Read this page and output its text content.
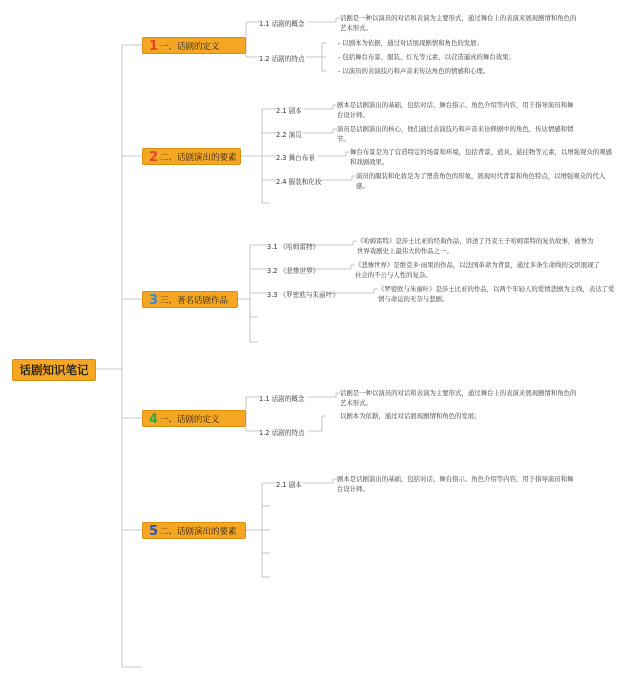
话剧知识笔记
1 一、话剧的定义
1.1 话剧的概念
话剧是一种以演员的对话和表演为主要形式，通过舞台上的表演来展现剧情和角色的艺术形式。
1.2 话剧的特点
- 以剧本为依据，通过对话展现剧情和角色的发展；
- 包括舞台布景、服装、灯光等元素，以营造逼真的舞台效果；
- 以演员的表演技巧和声音来传达角色的情感和心理。
2 二、话剧演出的要素
2.1 剧本
剧本是话剧演出的基础，包括对话、舞台指示、角色介绍等内容，用于指导演员和舞台设计师。
2.2 演员
演员是话剧演出的核心，他们通过表演技巧和声音来诠释剧中的角色，传达情感和情节。
2.3 舞台布景
舞台布景是为了营造特定的场景和环境，包括背景、道具、悬挂物等元素，以增强观众的观感和戏剧效果。
2.4 服装和化妆
演员的服装和化妆是为了塑造角色的形象，展现时代背景和角色特点，以增强观众的代入感。
3 三、著名话剧作品
3.1 《哈姆雷特》
《哈姆雷特》是莎士比亚的经典作品，讲述了丹麦王子哈姆雷特的复仇故事，被誉为世界戏剧史上最伟大的作品之一。
3.2 《悲惨世界》
《悲惨世界》是维克多·雨果的作品，以法国革命为背景，通过多条生命线的交织展现了社会的不公与人性的复杂。
3.3 《罗密欧与朱丽叶》
《罗密欧与朱丽叶》是莎士比亚的作品，以两个年轻人的爱情悲剧为主线，表达了爱情与命运的无奈与悲剧。
4 一、话剧的定义
1.1 话剧的概念
话剧是一种以演员的对话和表演为主要形式，通过舞台上的表演来展现剧情和角色的艺术形式。
1.2 话剧的特点
以剧本为依据，通过对话展现剧情和角色的发展；
5 二、话剧演出的要素
2.1 剧本
剧本是话剧演出的基础，包括对话、舞台指示、角色介绍等内容，用于指导演员和舞台设计师。
